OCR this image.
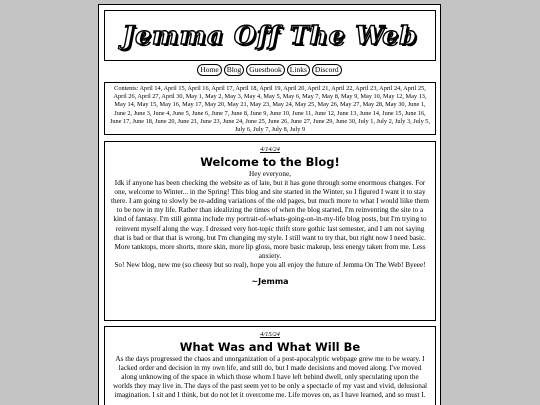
Jemma Off The Web
Home	Blog	Guestbook	Links	Discord
Contents: April 14, April 15, April 16, April 17, April 18, April 19, April 20, April 21, April 22, April 23, April 24, April 25, April 26, April 27, April 30, May 1, May 2, May 3, May 4, May 5, May 6, May 7, May 8, May 9, May 10, May 12, May 13, May 14, May 15, May 16, May 17, May 20, May 21, May 23, May 24, May 25, May 26, May 27, May 28, May 30, June 1, June 2, June 3, June 4, June 5, June 6, June 7, June 8, June 9, June 10, June 11, June 12, June 13, June 14, June 15, June 16, June 17, June 18, June 20, June 21, June 23, June 24, June 25, June 26, June 27, June 29, June 30, July 1, July 2, July 3, July 5, July 6, July 7, July 8, July 9
4/14/24
Welcome to the Blog!

Hey everyone,

Idk if anyone has been checking the website as of late, but it has gone through some enormous changes. For one, welcome to Winter... in the Spring! This blog and site started in the Winter, so I figured I want it to stay there. I am going to slowly be re-adding variations of the old pages, but much more to what I would liike them to be now in my life. Rather than idealizing the times of when the blog started, I'm reinventing the site to a kind of fantasy. I'm still gonna include my portrait-of-whats-going-on-in-my-life blog posts, but I'm trying to reinvent myself along the way. I dressed very hot-topic thrift store gothic last semester, and I am not saying that is bad or that that is wrong, but I'm changing my style. I still want to try that, but right now I need basic. More tanktops, more shorts, more skin, more lip gloss, more basic makeup, less energy taken from me. Less anxiety.

So! New blog, new me (so cheesy but so real), hope you all enjoy the future of Jemma On The Web! Byeee!

~Jemma
4/15/24
What Was and What Will Be

As the days progressed the chaos and unorganization of a post-apocalyptic webpage grew me to be weary. I lacked order and decision in my own life, and still do, but I made decisions and moved along. I've moved along unknowing of the space in which those whom I have left behind dwell, only speculating upon the worlds they may live in. The days of the past seem yet to be only a spectacle of my vast and vivid, delusional imagination. I sit and I think, but do not let it overcome me. Life moves on, as I have learned, and so must I.
